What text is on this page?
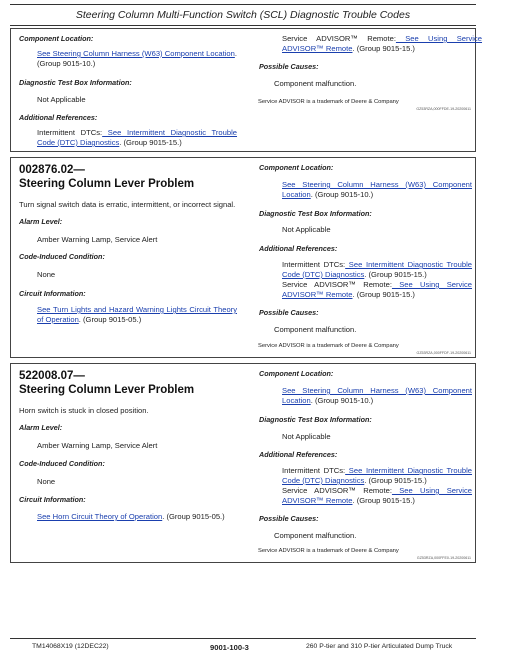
Steering Column Multi-Function Switch (SCL) Diagnostic Trouble Codes
Component Location:
See Steering Column Harness (W63) Component Location. (Group 9015-10.)
Diagnostic Test Box Information:
Not Applicable
Additional References:
Intermittent DTCs: See Intermittent Diagnostic Trouble Code (DTC) Diagnostics. (Group 9015-15.)
Service ADVISOR™ Remote: See Using Service ADVISOR™ Remote. (Group 9015-15.)
Possible Causes:
Component malfunction.
Service ADVISOR is a trademark of Deere & Company
GZ53RZA,000FFDE-19-20200611
002876.02—
Steering Column Lever Problem
Turn signal switch data is erratic, intermittent, or incorrect signal.
Alarm Level:
Amber Warning Lamp, Service Alert
Code-Induced Condition:
None
Circuit Information:
See Turn Lights and Hazard Warning Lights Circuit Theory of Operation. (Group 9015-05.)
Component Location:
See Steering Column Harness (W63) Component Location. (Group 9015-10.)
Diagnostic Test Box Information:
Not Applicable
Additional References:
Intermittent DTCs: See Intermittent Diagnostic Trouble Code (DTC) Diagnostics. (Group 9015-15.)
Service ADVISOR™ Remote: See Using Service ADVISOR™ Remote. (Group 9015-15.)
Possible Causes:
Component malfunction.
Service ADVISOR is a trademark of Deere & Company
GZ53RZA,000FFDF-19-20200611
522008.07—
Steering Column Lever Problem
Horn switch is stuck in closed position.
Alarm Level:
Amber Warning Lamp, Service Alert
Code-Induced Condition:
None
Circuit Information:
See Horn Circuit Theory of Operation. (Group 9015-05.)
Component Location:
See Steering Column Harness (W63) Component Location. (Group 9015-10.)
Diagnostic Test Box Information:
Not Applicable
Additional References:
Intermittent DTCs: See Intermittent Diagnostic Trouble Code (DTC) Diagnostics. (Group 9015-15.)
Service ADVISOR™ Remote: See Using Service ADVISOR™ Remote. (Group 9015-15.)
Possible Causes:
Component malfunction.
Service ADVISOR is a trademark of Deere & Company
GZ53RZA,000FFE0-19-20200611
TM14068X19 (12DEC22)	9001-100-3	260 P-tier and 310 P-tier Articulated Dump Truck
